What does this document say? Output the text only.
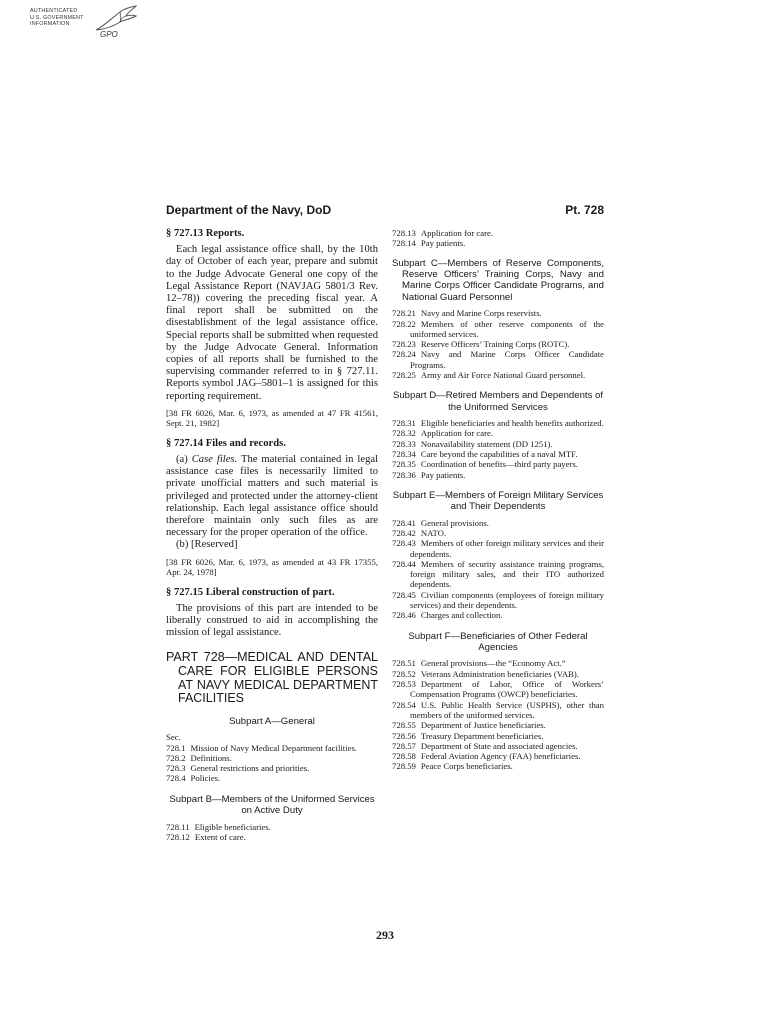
AUTHENTICATED
U.S. GOVERNMENT
INFORMATION
GPO
Department of the Navy, DoD	Pt. 728
§ 727.13 Reports.

Each legal assistance office shall, by the 10th day of October of each year, prepare and submit to the Judge Advocate General one copy of the Legal Assistance Report (NAVJAG 5801/3 Rev. 12–78)) covering the preceding fiscal year. A final report shall be submitted on the disestablishment of the legal assistance office. Special reports shall be submitted when requested by the Judge Advocate General. Information copies of all reports shall be furnished to the supervising commander referred to in § 727.11. Reports symbol JAG–5801–1 is assigned for this reporting requirement.

[38 FR 6026, Mar. 6, 1973, as amended at 47 FR 41561, Sept. 21, 1982]

§ 727.14 Files and records.

(a) Case files. The material contained in legal assistance case files is necessarily limited to private unofficial matters and such material is privileged and protected under the attorney-client relationship. Each legal assistance office should therefore maintain only such files as are necessary for the proper operation of the office.

(b) [Reserved]

[38 FR 6026, Mar. 6, 1973, as amended at 43 FR 17355, Apr. 24, 1978]

§ 727.15 Liberal construction of part.

The provisions of this part are intended to be liberally construed to aid in accomplishing the mission of legal assistance.

PART 728—MEDICAL AND DENTAL CARE FOR ELIGIBLE PERSONS AT NAVY MEDICAL DEPARTMENT FACILITIES
Subpart A—General
Sec.
728.1 Mission of Navy Medical Department facilities.
728.2 Definitions.
728.3 General restrictions and priorities.
728.4 Policies.
Subpart B—Members of the Uniformed Services on Active Duty
728.11 Eligible beneficiaries.
728.12 Extent of care.
728.13 Application for care.
728.14 Pay patients.
Subpart C—Members of Reserve Components, Reserve Officers’ Training Corps, Navy and Marine Corps Officer Candidate Programs, and National Guard Personnel
728.21 Navy and Marine Corps reservists.
728.22 Members of other reserve components of the uniformed services.
728.23 Reserve Officers’ Training Corps (ROTC).
728.24 Navy and Marine Corps Officer Candidate Programs.
728.25 Army and Air Force National Guard personnel.
Subpart D—Retired Members and Dependents of the Uniformed Services
728.31 Eligible beneficiaries and health benefits authorized.
728.32 Application for care.
728.33 Nonavailability statement (DD 1251).
728.34 Care beyond the capabilities of a naval MTF.
728.35 Coordination of benefits—third party payers.
728.36 Pay patients.
Subpart E—Members of Foreign Military Services and Their Dependents
728.41 General provisions.
728.42 NATO.
728.43 Members of other foreign military services and their dependents.
728.44 Members of security assistance training programs, foreign military sales, and their ITO authorized dependents.
728.45 Civilian components (employees of foreign military services) and their dependents.
728.46 Charges and collection.
Subpart F—Beneficiaries of Other Federal Agencies
728.51 General provisions—the “Economy Act.”
728.52 Veterans Administration beneficiaries (VAB).
728.53 Department of Labor, Office of Workers’ Compensation Programs (OWCP) beneficiaries.
728.54 U.S. Public Health Service (USPHS), other than members of the uniformed services.
728.55 Department of Justice beneficiaries.
728.56 Treasury Department beneficiaries.
728.57 Department of State and associated agencies.
728.58 Federal Aviation Agency (FAA) beneficiaries.
728.59 Peace Corps beneficiaries.
293
